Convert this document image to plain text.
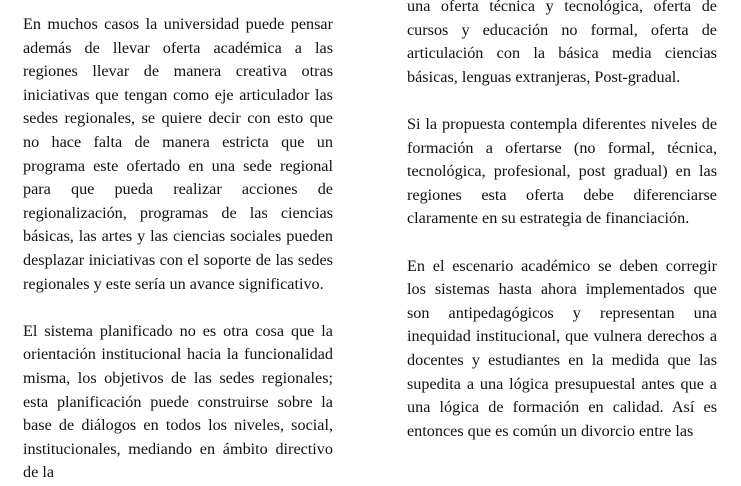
En muchos casos la universidad puede pensar además de llevar oferta académica a las regiones llevar de manera creativa otras iniciativas que tengan como eje articulador las sedes regionales, se quiere decir con esto que no hace falta de manera estricta que un programa este ofertado en una sede regional para que pueda realizar acciones de regionalización, programas de las ciencias básicas, las artes y las ciencias sociales pueden desplazar iniciativas con el soporte de las sedes regionales y este sería un avance significativo.

El sistema planificado no es otra cosa que la orientación institucional hacia la funcionalidad misma, los objetivos de las sedes regionales; esta planificación puede construirse sobre la base de diálogos en todos los niveles, social, institucionales, mediando en ámbito directivo de la

una oferta técnica y tecnológica, oferta de cursos y educación no formal, oferta de articulación con la básica media ciencias básicas, lenguas extranjeras, Post-gradual.

Si la propuesta contempla diferentes niveles de formación a ofertarse (no formal, técnica, tecnológica, profesional, post gradual) en las regiones esta oferta debe diferenciarse claramente en su estrategia de financiación.

En el escenario académico se deben corregir los sistemas hasta ahora implementados que son antipedagógicos y representan una inequidad institucional, que vulnera derechos a docentes y estudiantes en la medida que las supedita a una lógica presupuestal antes que a una lógica de formación en calidad. Así es entonces que es común un divorcio entre las
